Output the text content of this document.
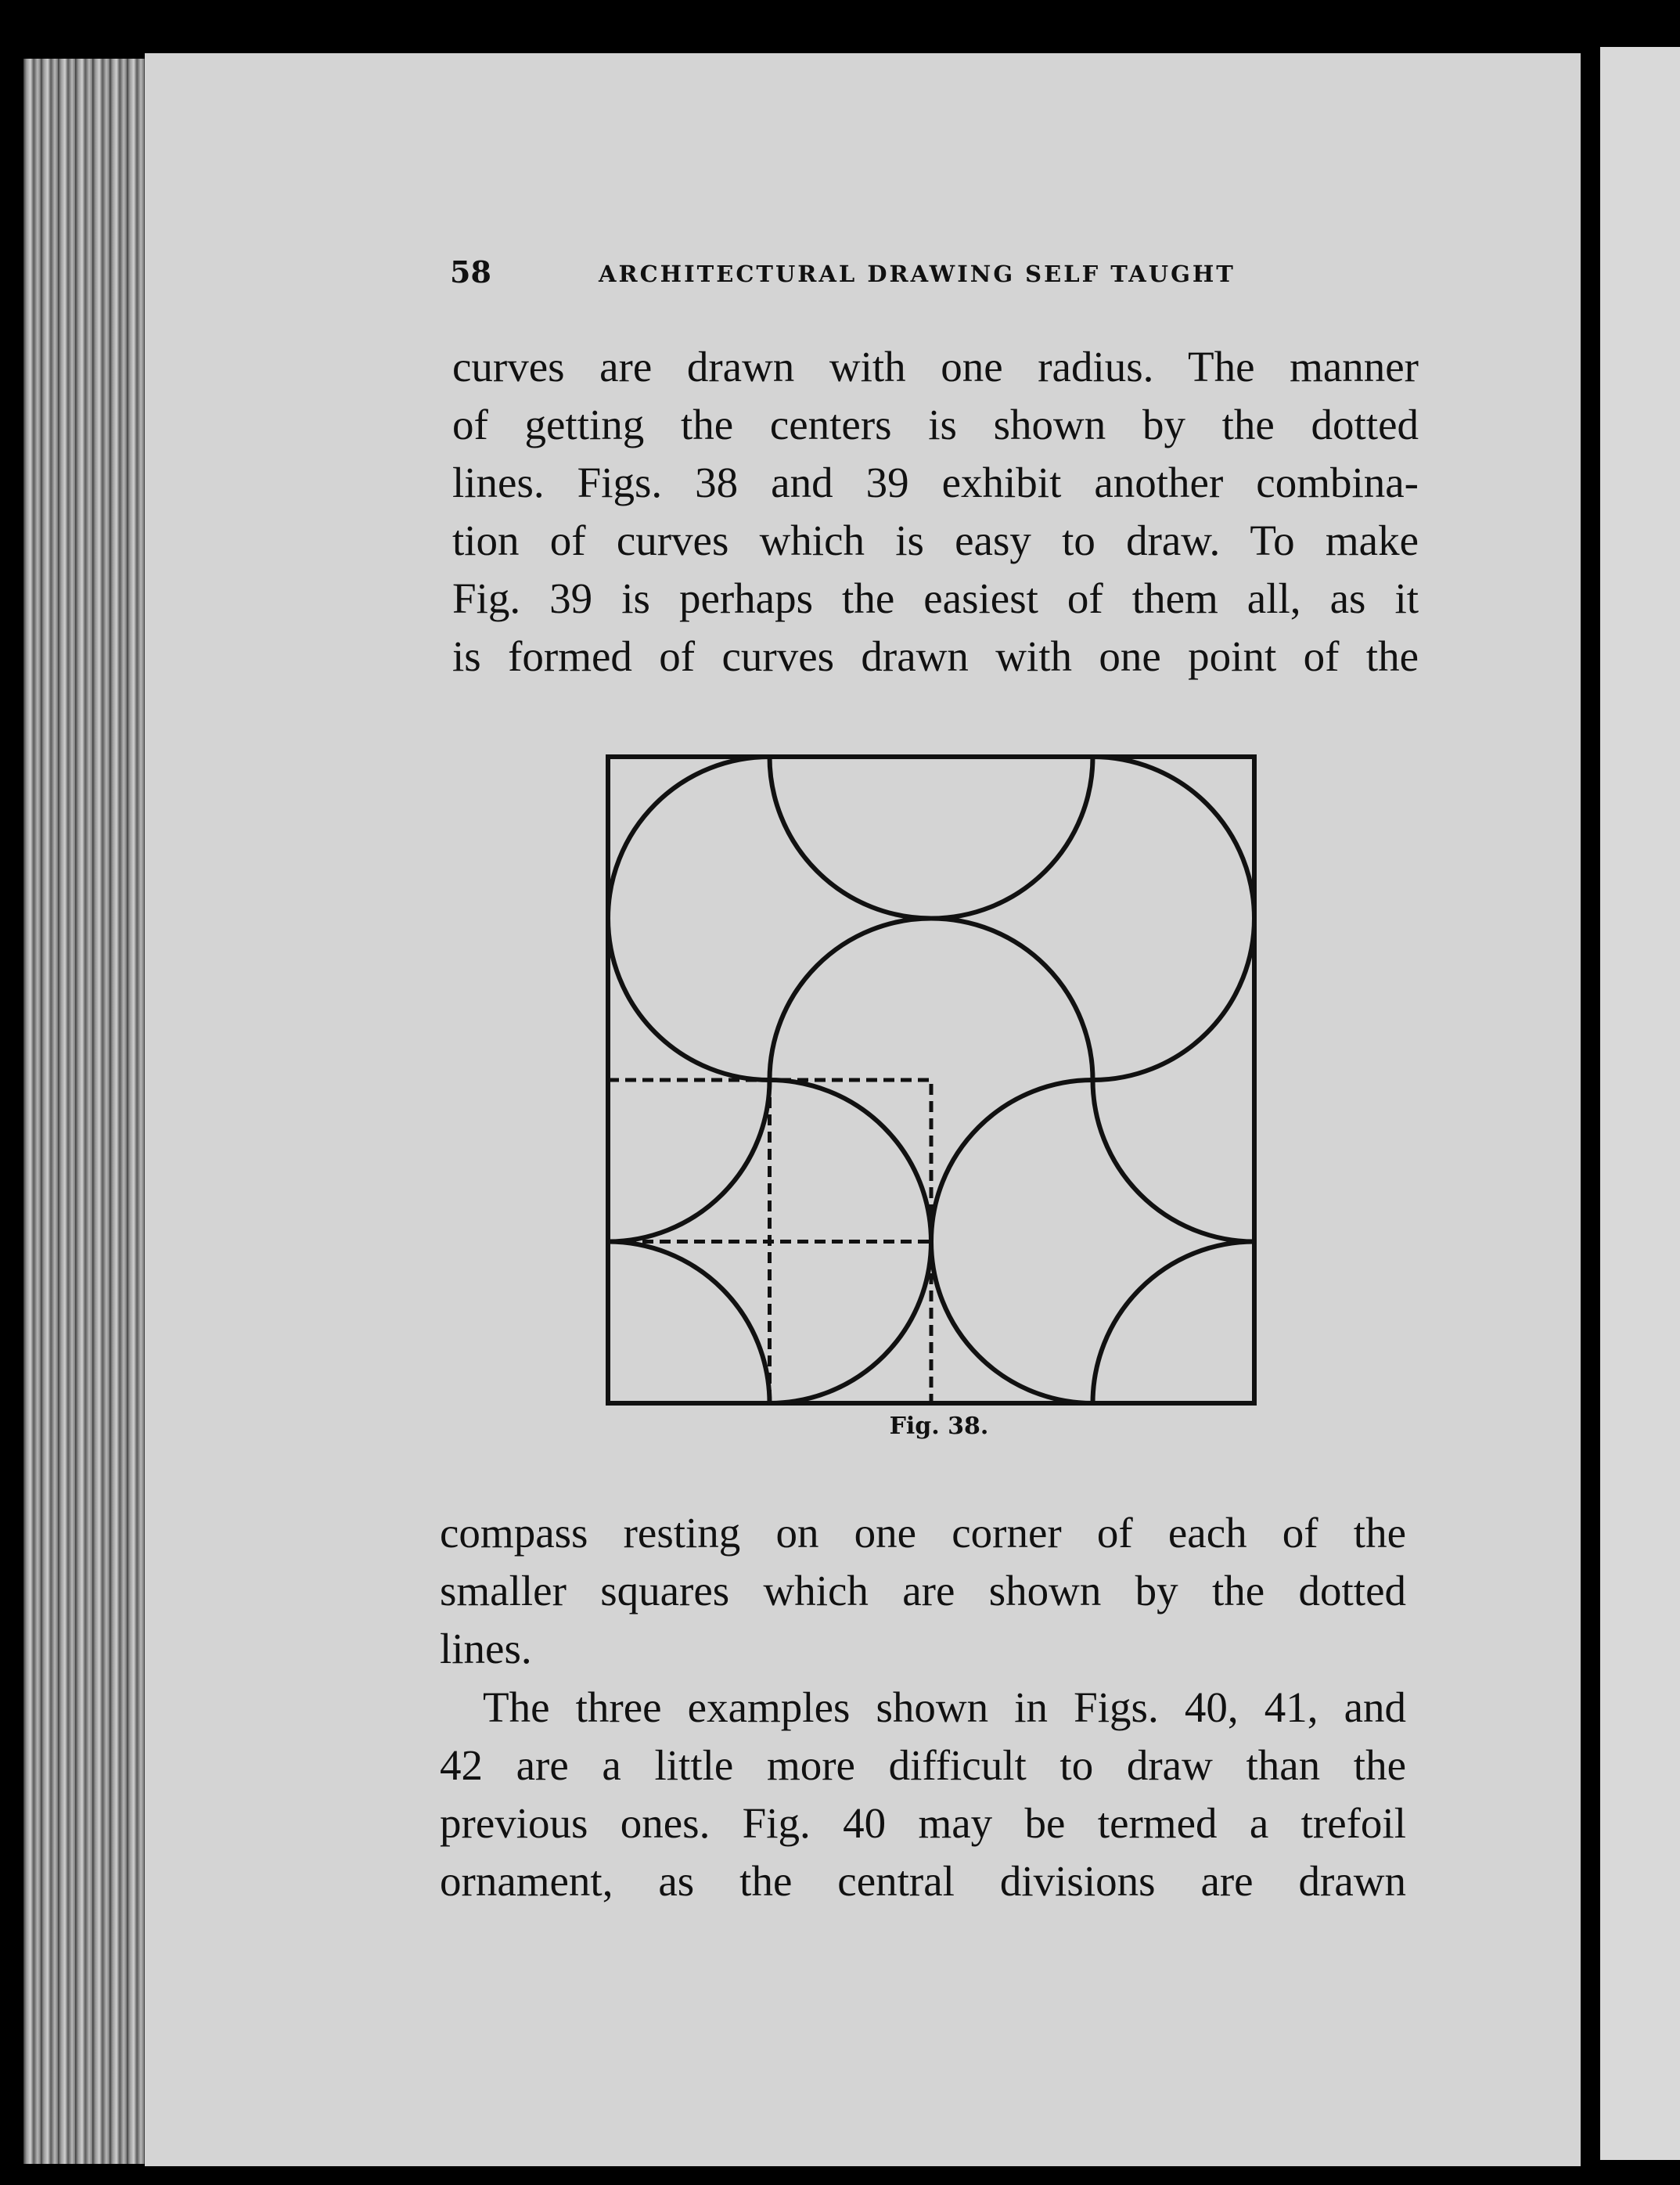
58	ARCHITECTURAL DRAWING SELF TAUGHT
curves are drawn with one radius. The manner
of getting the centers is shown by the dotted
lines. Figs. 38 and 39 exhibit another combina-
tion of curves which is easy to draw. To make
Fig. 39 is perhaps the easiest of them all, as it
is formed of curves drawn with one point of the
Fig. 38.
compass resting on one corner of each of the
smaller squares which are shown by the dotted
lines.
The three examples shown in Figs. 40, 41, and
42 are a little more difficult to draw than the
previous ones. Fig. 40 may be termed a trefoil
ornament, as the central divisions are drawn
